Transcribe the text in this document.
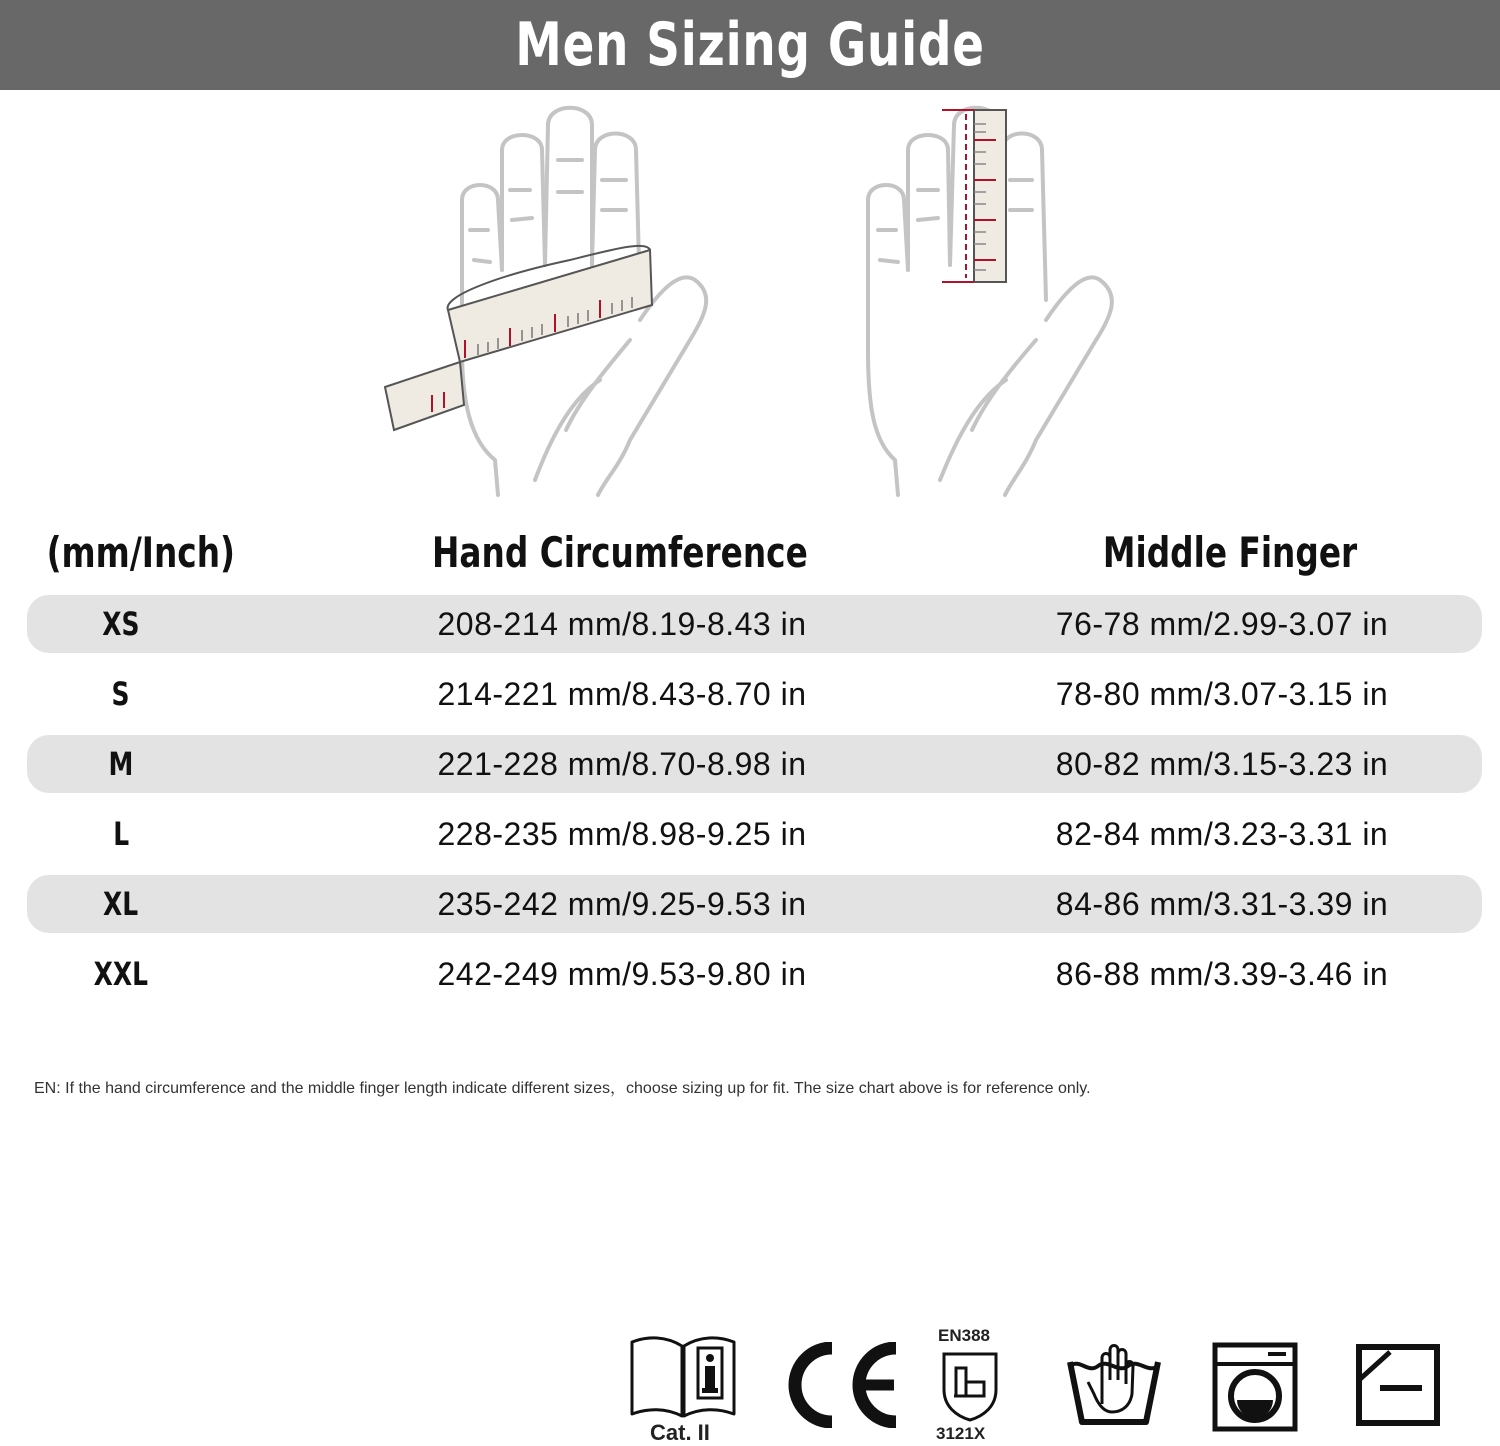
Men Sizing Guide
(mm/Inch)	Hand Circumference	Middle Finger
XS	208-214 mm/8.19-8.43 in	76-78 mm/2.99-3.07 in
S	214-221 mm/8.43-8.70 in	78-80 mm/3.07-3.15 in
M	221-228 mm/8.70-8.98 in	80-82 mm/3.15-3.23 in
L	228-235 mm/8.98-9.25 in	82-84 mm/3.23-3.31 in
XL	235-242 mm/9.25-9.53 in	84-86 mm/3.31-3.39 in
XXL	242-249 mm/9.53-9.80 in	86-88 mm/3.39-3.46 in
EN: If the hand circumference and the middle finger length indicate different sizes，choose sizing up for fit. The size chart above is for reference only.
Cat. II
EN388
3121X
